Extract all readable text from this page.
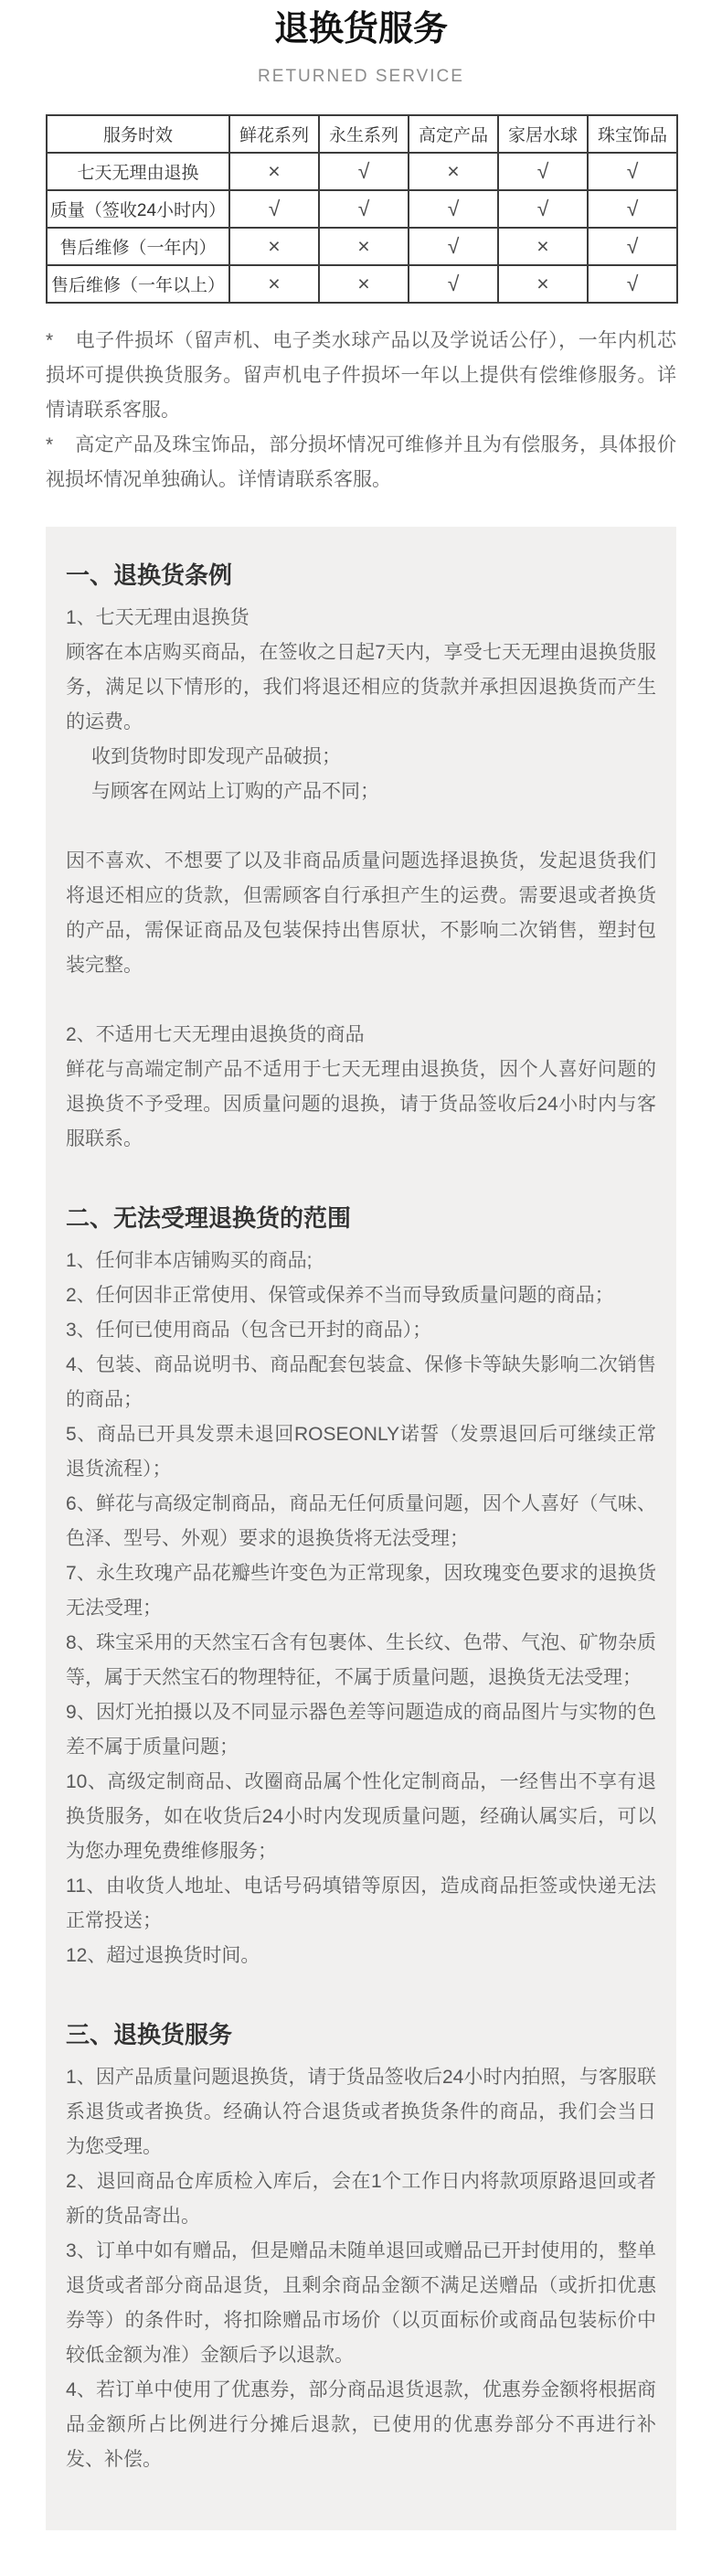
退换货服务
RETURNED SERVICE
服务时效	鲜花系列	永生系列	高定产品	家居水球	珠宝饰品
七天无理由退换	×	√	×	√	√
质量（签收24小时内）	√	√	√	√	√
售后维修（一年内）	×	×	√	×	√
售后维修（一年以上）	×	×	√	×	√

* 电子件损坏（留声机、电子类水球产品以及学说话公仔），一年内机芯损坏可提供换货服务。留声机电子件损坏一年以上提供有偿维修服务。详情请联系客服。

* 高定产品及珠宝饰品，部分损坏情况可维修并且为有偿服务，具体报价视损坏情况单独确认。详情请联系客服。

一、退换货条例

1、七天无理由退换货

顾客在本店购买商品，在签收之日起7天内，享受七天无理由退换货服务，满足以下情形的，我们将退还相应的货款并承担因退换货而产生的运费。

收到货物时即发现产品破损；

与顾客在网站上订购的产品不同；

因不喜欢、不想要了以及非商品质量问题选择退换货，发起退货我们将退还相应的货款，但需顾客自行承担产生的运费。需要退或者换货的产品，需保证商品及包装保持出售原状，不影响二次销售，塑封包装完整。

2、不适用七天无理由退换货的商品

鲜花与高端定制产品不适用于七天无理由退换货，因个人喜好问题的退换货不予受理。因质量问题的退换，请于货品签收后24小时内与客服联系。

二、无法受理退换货的范围

1、任何非本店铺购买的商品;

2、任何因非正常使用、保管或保养不当而导致质量问题的商品；

3、任何已使用商品（包含已开封的商品）；

4、包装、商品说明书、商品配套包装盒、保修卡等缺失影响二次销售的商品；

5、商品已开具发票未退回ROSEONLY诺誓（发票退回后可继续正常退货流程）；

6、鲜花与高级定制商品，商品无任何质量问题，因个人喜好（气味、色泽、型号、外观）要求的退换货将无法受理；

7、永生玫瑰产品花瓣些许变色为正常现象，因玫瑰变色要求的退换货无法受理；

8、珠宝采用的天然宝石含有包裹体、生长纹、色带、气泡、矿物杂质等，属于天然宝石的物理特征，不属于质量问题，退换货无法受理；

9、因灯光拍摄以及不同显示器色差等问题造成的商品图片与实物的色差不属于质量问题；

10、高级定制商品、改圈商品属个性化定制商品，一经售出不享有退换货服务，如在收货后24小时内发现质量问题，经确认属实后，可以为您办理免费维修服务；

11、由收货人地址、电话号码填错等原因，造成商品拒签或快递无法正常投送；

12、超过退换货时间。

三、退换货服务

1、因产品质量问题退换货，请于货品签收后24小时内拍照，与客服联系退货或者换货。经确认符合退货或者换货条件的商品，我们会当日为您受理。

2、退回商品仓库质检入库后，会在1个工作日内将款项原路退回或者新的货品寄出。

3、订单中如有赠品，但是赠品未随单退回或赠品已开封使用的，整单退货或者部分商品退货，且剩余商品金额不满足送赠品（或折扣优惠券等）的条件时，将扣除赠品市场价（以页面标价或商品包装标价中较低金额为准）金额后予以退款。

4、若订单中使用了优惠券，部分商品退货退款，优惠券金额将根据商品金额所占比例进行分摊后退款，已使用的优惠券部分不再进行补发、补偿。
